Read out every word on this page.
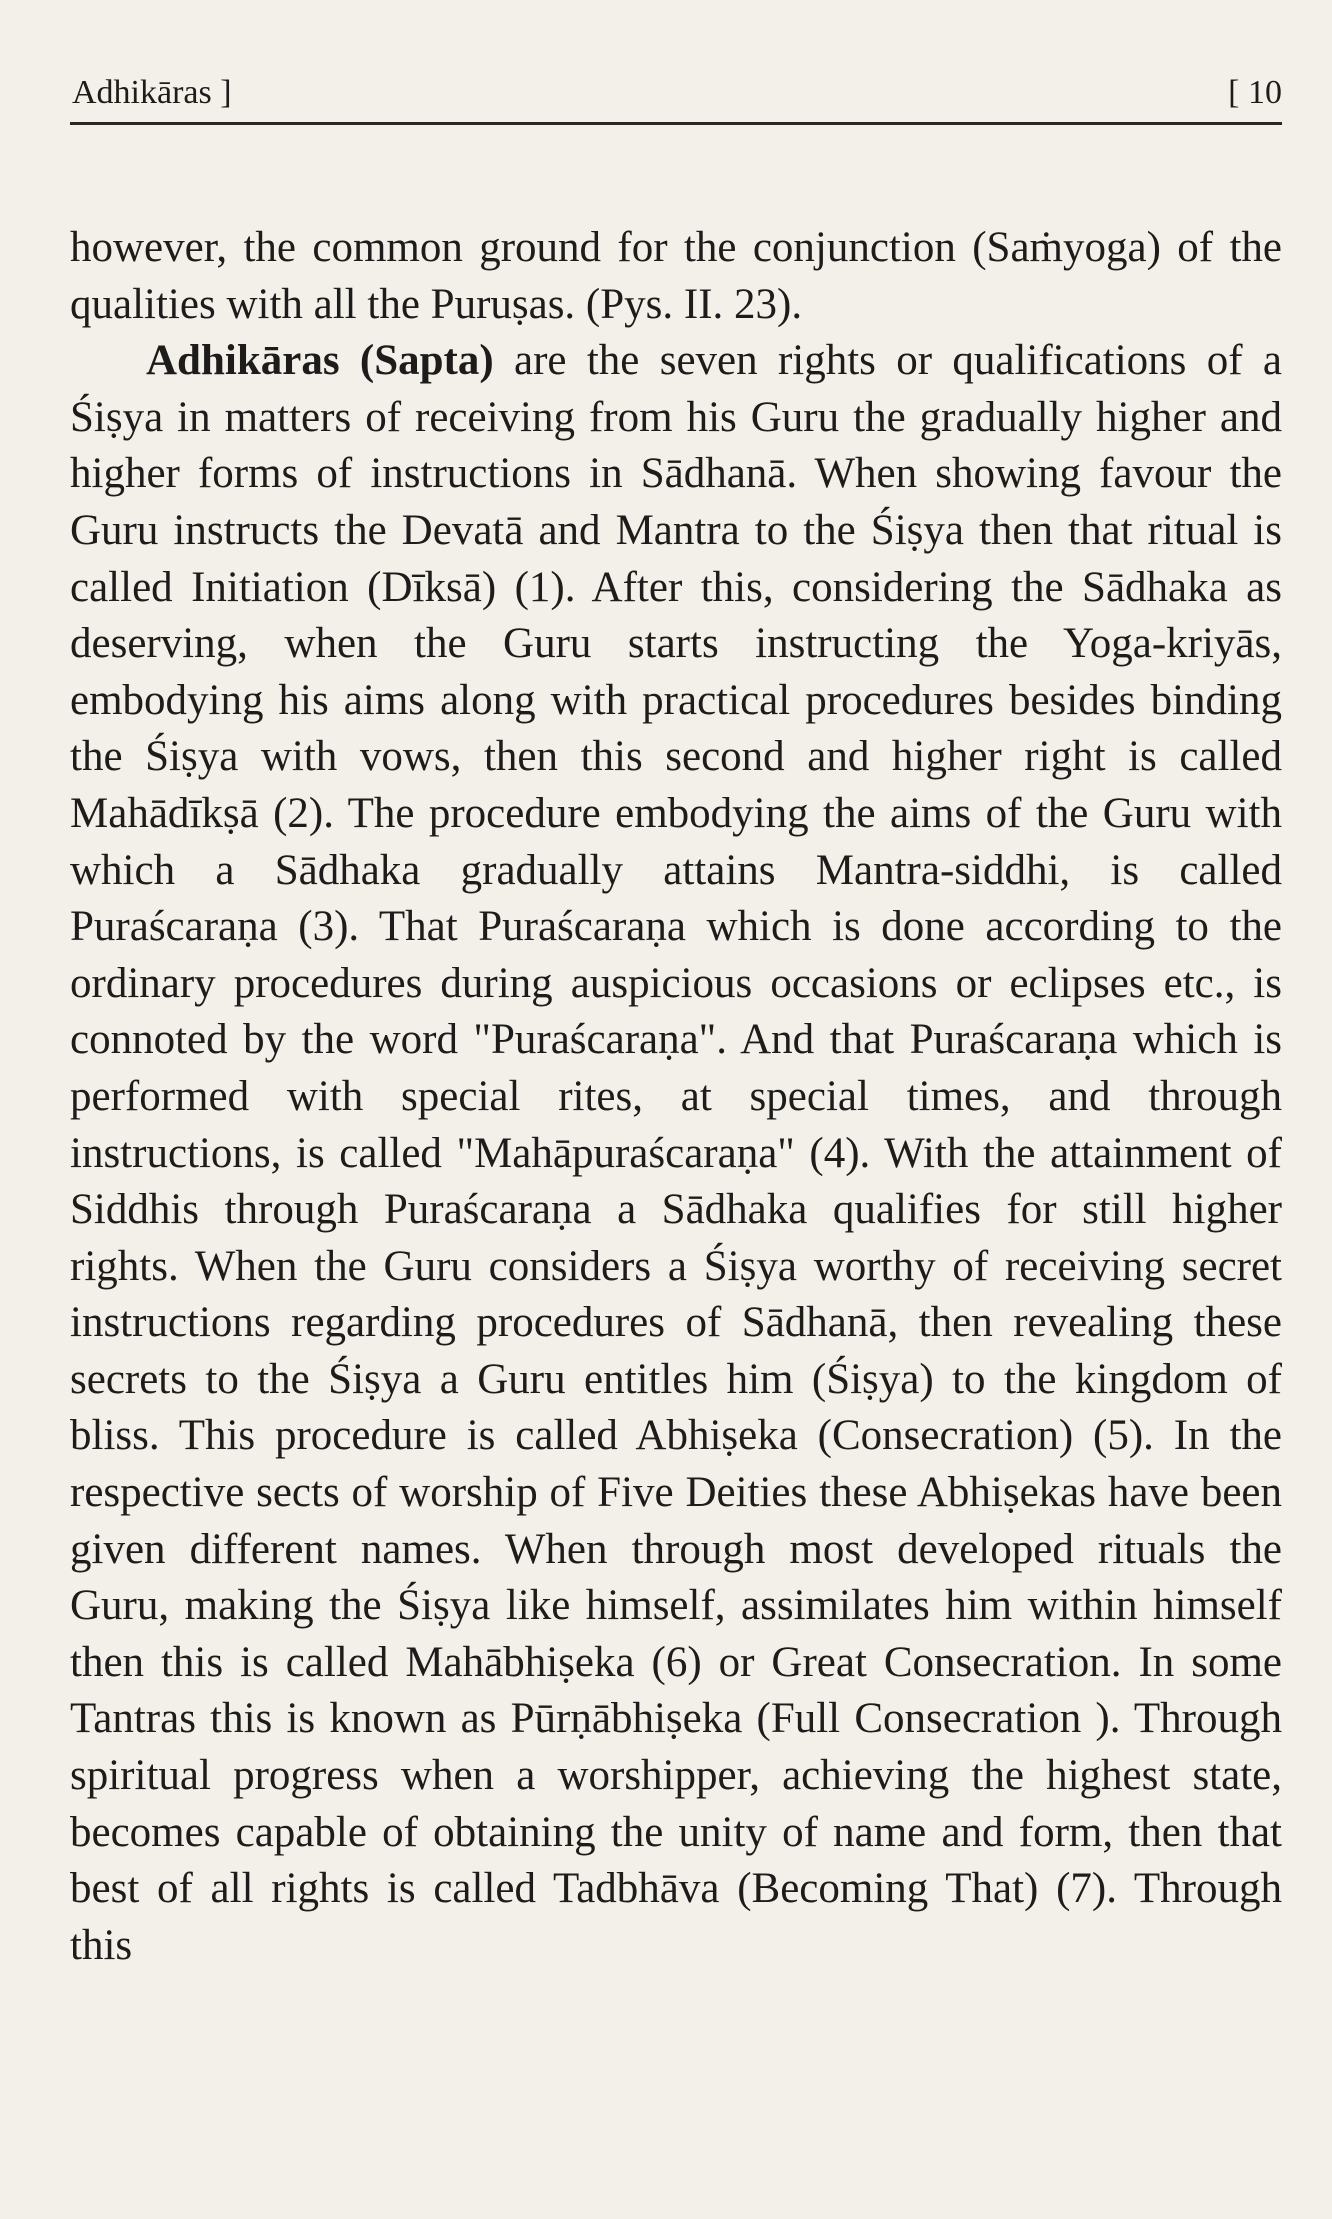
Adhikāras ]	[ 10

however, the common ground for the conjunction (Saṁyoga) of the qualities with all the Puruṣas. (Pys. II. 23).

Adhikāras (Sapta) are the seven rights or qualifications of a Śiṣya in matters of receiving from his Guru the gradually higher and higher forms of instructions in Sādhanā. When showing favour the Guru instructs the Devatā and Mantra to the Śiṣya then that ritual is called Initiation (Dīksā) (1). After this, considering the Sādhaka as deserving, when the Guru starts instructing the Yoga-kriyās, embodying his aims along with practical procedures besides binding the Śiṣya with vows, then this second and higher right is called Mahādīkṣā (2). The procedure embodying the aims of the Guru with which a Sādhaka gradually attains Mantra-siddhi, is called Puraścaraṇa (3). That Puraścaraṇa which is done according to the ordinary procedures during auspicious occasions or eclipses etc., is connoted by the word "Puraścaraṇa". And that Puraścaraṇa which is performed with special rites, at special times, and through instructions, is called "Mahāpuraścaraṇa" (4). With the attainment of Siddhis through Puraścaraṇa a Sādhaka qualifies for still higher rights. When the Guru considers a Śiṣya worthy of receiving secret instructions regarding procedures of Sādhanā, then revealing these secrets to the Śiṣya a Guru entitles him (Śiṣya) to the kingdom of bliss. This procedure is called Abhiṣeka (Consecration) (5). In the respective sects of worship of Five Deities these Abhiṣekas have been given different names. When through most developed rituals the Guru, making the Śiṣya like himself, assimilates him within himself then this is called Mahābhiṣeka (6) or Great Consecration. In some Tantras this is known as Pūrṇābhiṣeka (Full Consecration ). Through spiritual progress when a worshipper, achieving the highest state, becomes capable of obtaining the unity of name and form, then that best of all rights is called Tadbhāva (Becoming That) (7). Through this
